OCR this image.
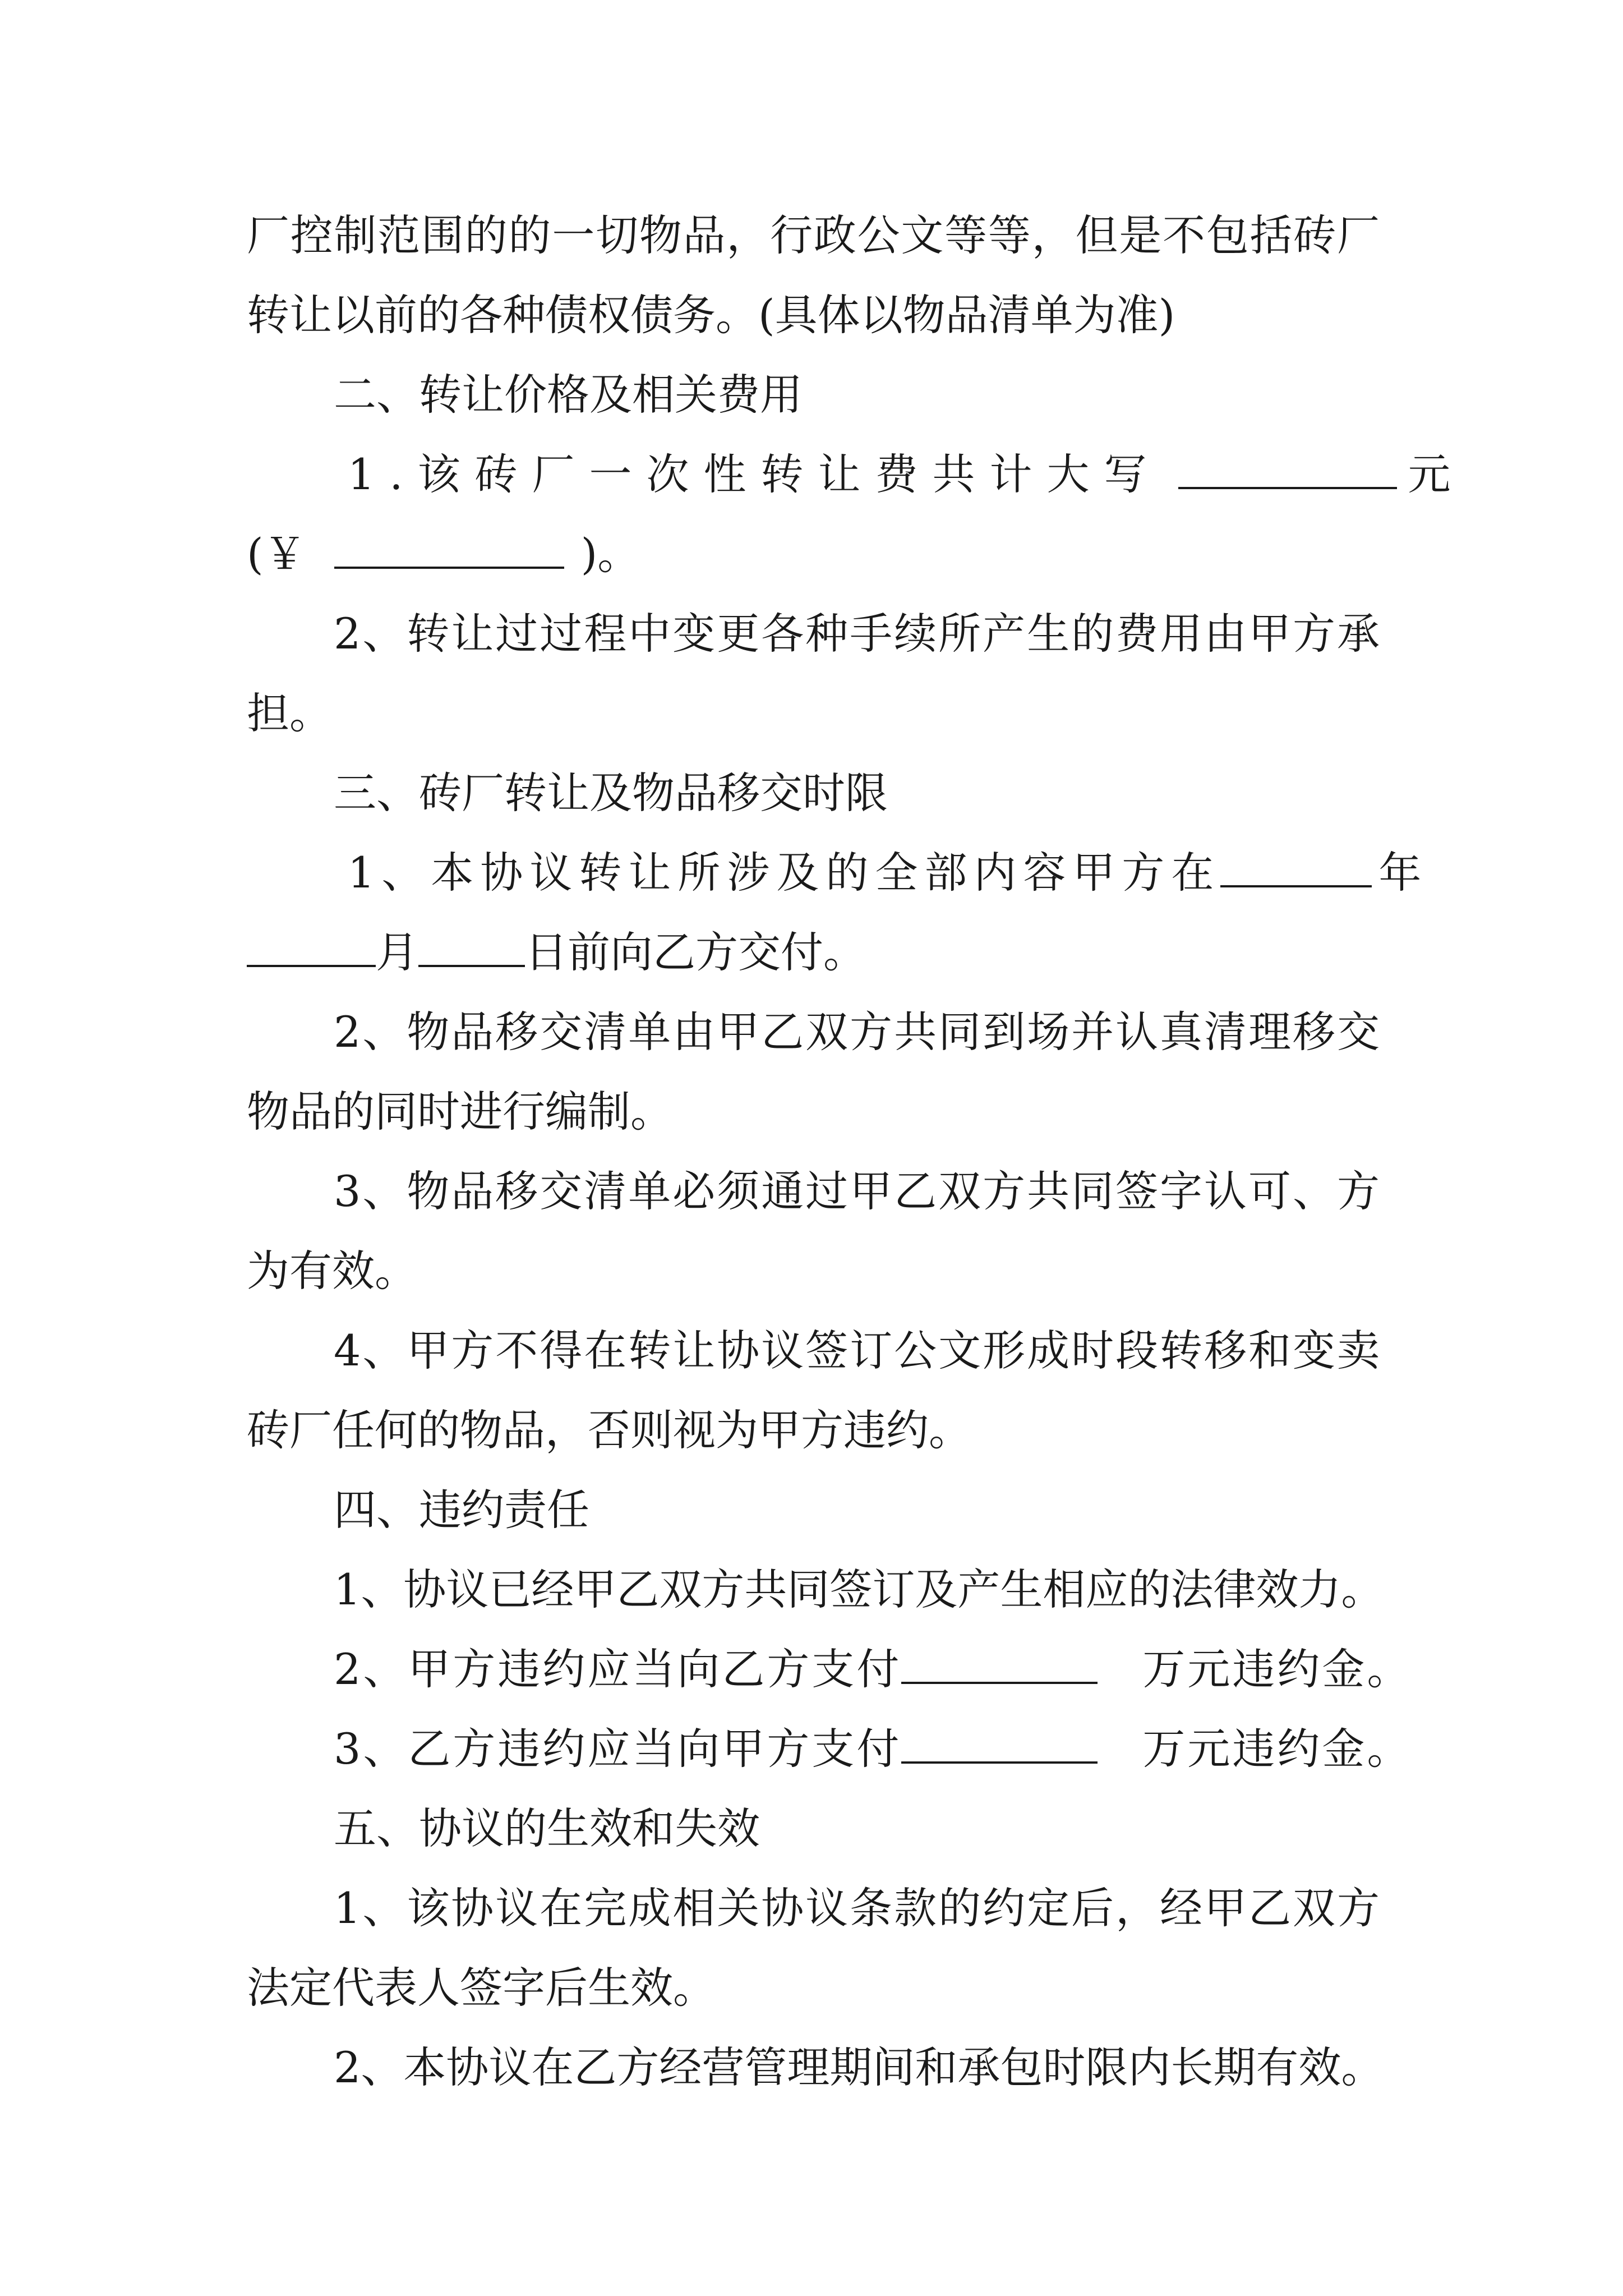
厂控制范围的的一切物品，行政公文等等，但是不包括砖厂
转让以前的各种债权债务。(具体以物品清单为准)
二、转让价格及相关费用
1.该砖厂一次性转让费共计大写	元
(￥	)。
2、转让过过程中变更各种手续所产生的费用由甲方承
担。
三、砖厂转让及物品移交时限
1、本协议转让所涉及的全部内容甲方在	年
月	日前向乙方交付。
2、物品移交清单由甲乙双方共同到场并认真清理移交
物品的同时进行编制。
3、物品移交清单必须通过甲乙双方共同签字认可、方
为有效。
4、甲方不得在转让协议签订公文形成时段转移和变卖
砖厂任何的物品，否则视为甲方违约。
四、违约责任
1、协议已经甲乙双方共同签订及产生相应的法律效力。
2、甲方违约应当向乙方支付	万元违约金。
3、乙方违约应当向甲方支付	万元违约金。
五、协议的生效和失效
1、该协议在完成相关协议条款的约定后，经甲乙双方
法定代表人签字后生效。
2、本协议在乙方经营管理期间和承包时限内长期有效。
